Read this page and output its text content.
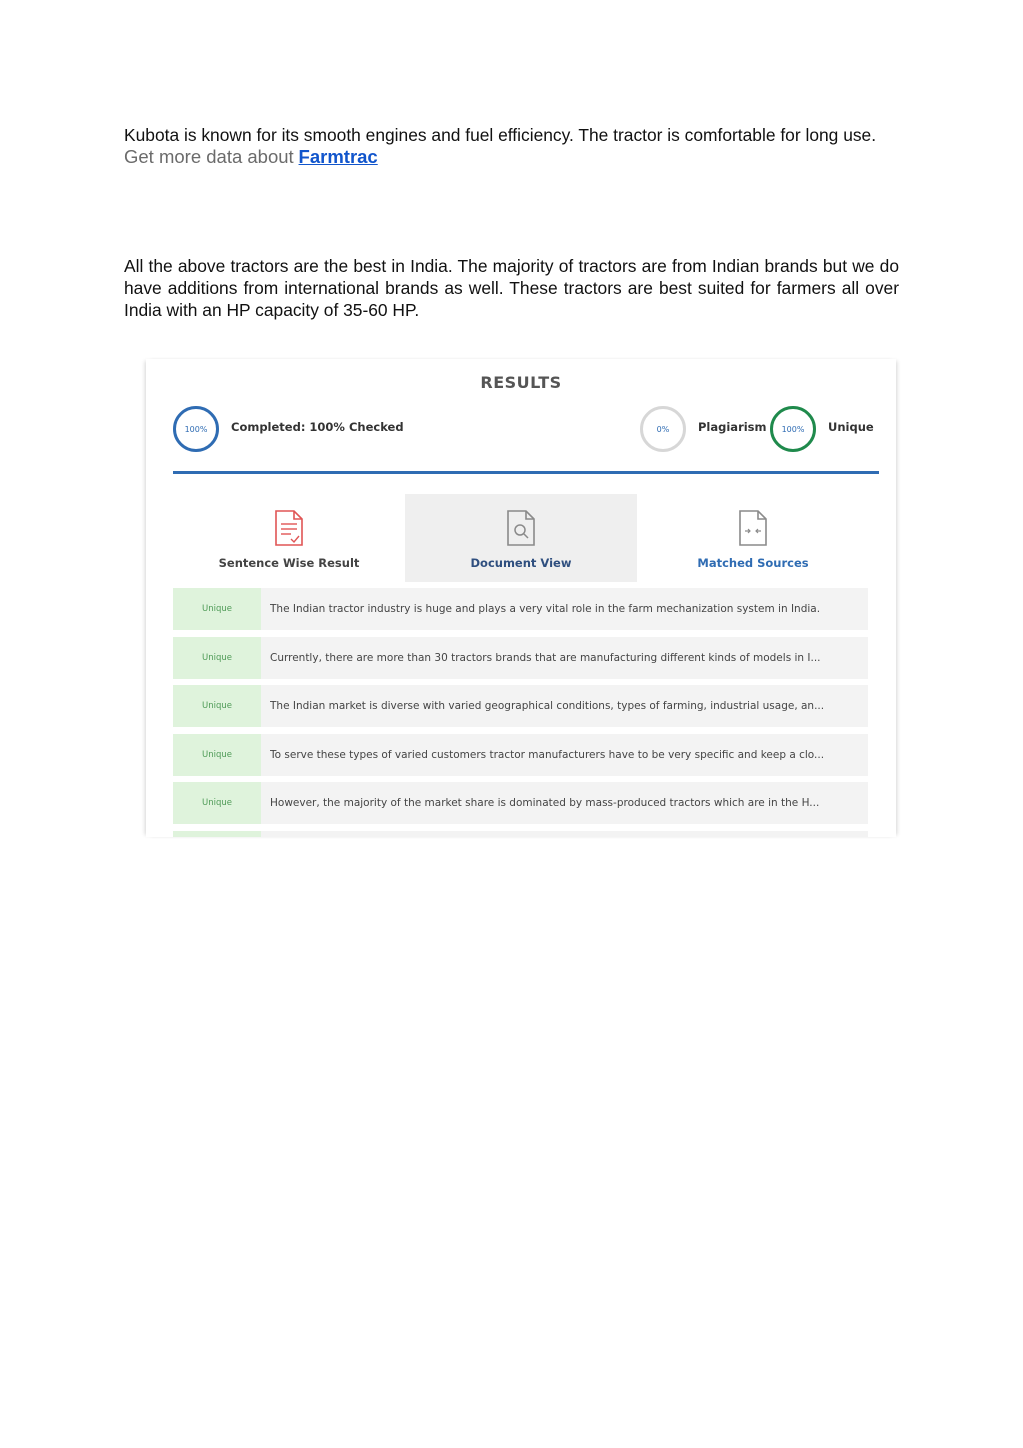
Kubota is known for its smooth engines and fuel efficiency. The tractor is comfortable for long use. Get more data about Farmtrac

All the above tractors are the best in India. The majority of tractors are from Indian brands but we do have additions from international brands as well. These tractors are best suited for farmers all over India with an HP capacity of 35-60 HP.

RESULTS
100%	Completed: 100% Checked	0%	Plagiarism	100%	Unique
Sentence Wise Result	Document View	Matched Sources
Unique	The Indian tractor industry is huge and plays a very vital role in the farm mechanization system in India.
Unique	Currently, there are more than 30 tractors brands that are manufacturing different kinds of models in I...
Unique	The Indian market is diverse with varied geographical conditions, types of farming, industrial usage, an...
Unique	To serve these types of varied customers tractor manufacturers have to be very specific and keep a clo...
Unique	However, the majority of the market share is dominated by mass-produced tractors which are in the H...
